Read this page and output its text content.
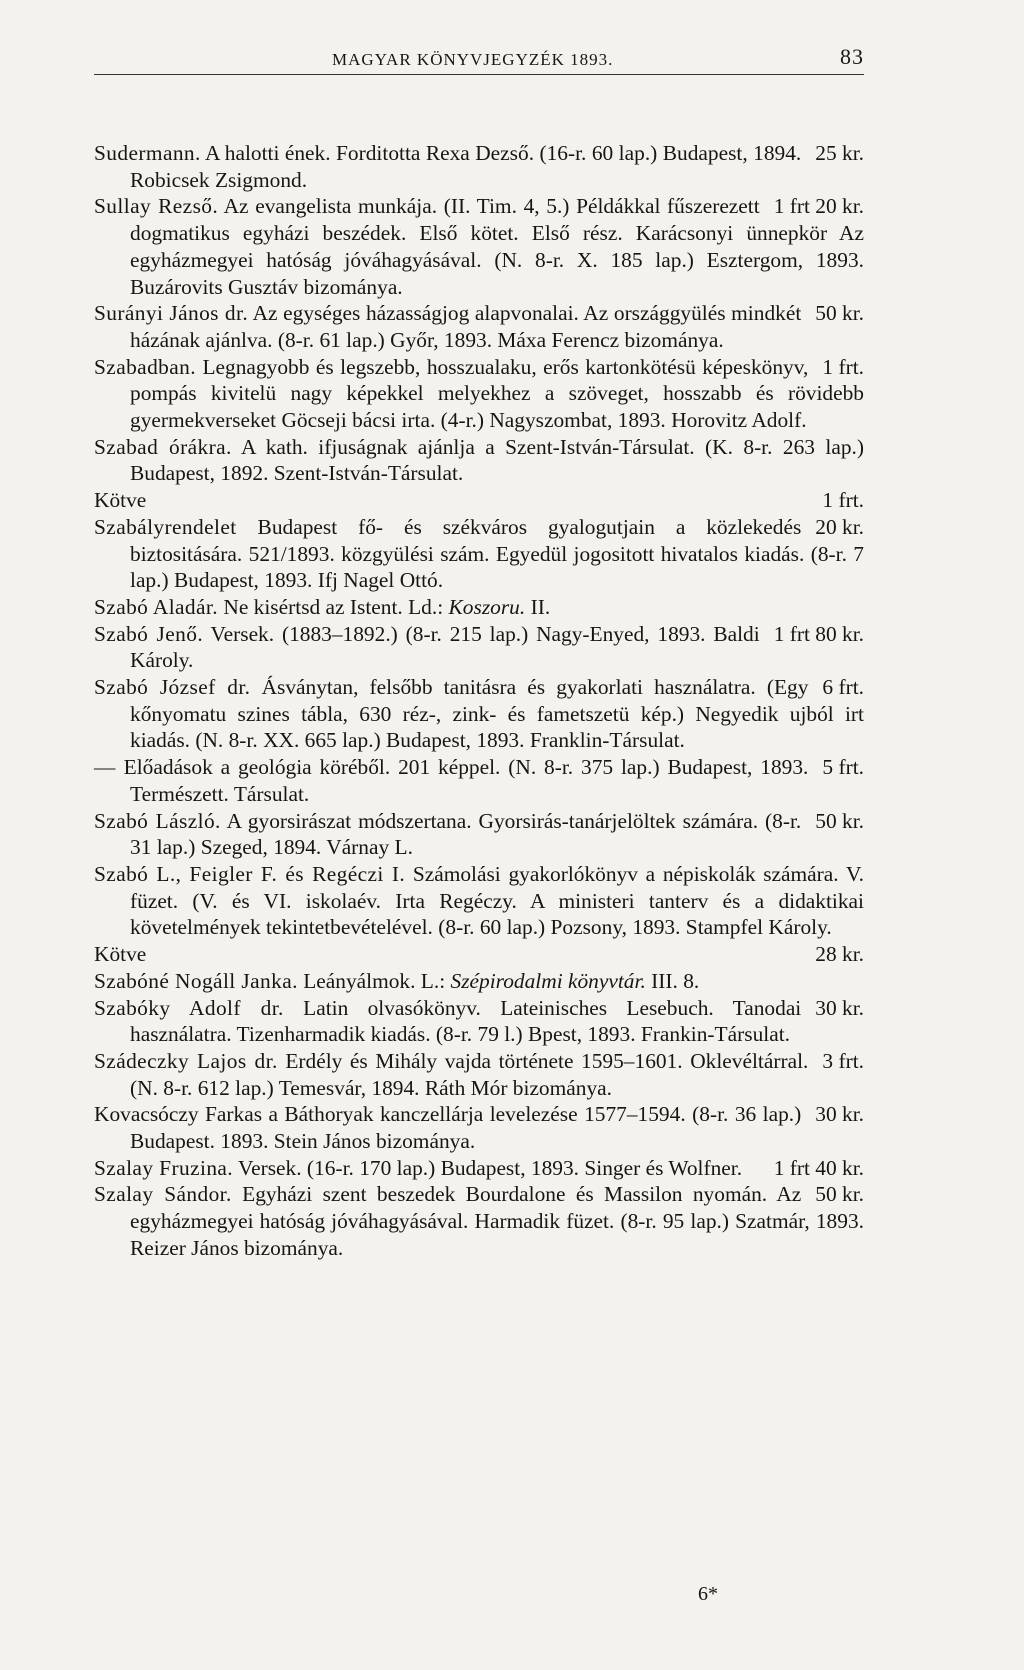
MAGYAR KÖNYVJEGYZÉK 1893.	83

25 kr.
Sudermann. A halotti ének. Forditotta Rexa Dezső. (16-r. 60 lap.) Budapest, 1894. Robicsek Zsigmond.

1 frt 20 kr.
Sullay Rezső. Az evangelista munkája. (II. Tim. 4, 5.) Példákkal fűszerezett dogmatikus egyházi beszédek. Első kötet. Első rész. Karácsonyi ünnepkör Az egyházmegyei hatóság jóváhagyásával. (N. 8-r. X. 185 lap.) Esztergom, 1893. Buzárovits Gusztáv bizománya.

50 kr.
Surányi János dr. Az egységes házasságjog alapvonalai. Az országgyülés mindkét házának ajánlva. (8-r. 61 lap.) Győr, 1893. Máxa Ferencz bizománya.

1 frt.
Szabadban. Legnagyobb és legszebb, hosszualaku, erős kartonkötésü képeskönyv, pompás kivitelü nagy képekkel melyekhez a szöveget, hosszabb és rövidebb gyermekverseket Göcseji bácsi irta. (4-r.) Nagyszombat, 1893. Horovitz Adolf.

Szabad órákra. A kath. ifjuságnak ajánlja a Szent-István-Társulat. (K. 8-r. 263 lap.) Budapest, 1892. Szent-István-Társulat.

1 frt.
Kötve

20 kr.
Szabályrendelet Budapest fő- és székváros gyalogutjain a közlekedés biztositására. 521/1893. közgyülési szám. Egyedül jogositott hivatalos kiadás. (8-r. 7 lap.) Budapest, 1893. Ifj Nagel Ottó.

Szabó Aladár. Ne kisértsd az Istent. Ld.: Koszoru. II.

1 frt 80 kr.
Szabó Jenő. Versek. (1883–1892.) (8-r. 215 lap.) Nagy-Enyed, 1893. Baldi Károly.

6 frt.
Szabó József dr. Ásványtan, felsőbb tanitásra és gyakorlati használatra. (Egy kőnyomatu szines tábla, 630 réz-, zink- és fametszetü kép.) Negyedik ujból irt kiadás. (N. 8-r. XX. 665 lap.) Budapest, 1893. Franklin-Társulat.

5 frt.
— Előadások a geológia köréből. 201 képpel. (N. 8-r. 375 lap.) Budapest, 1893. Természett. Társulat.

50 kr.
Szabó László. A gyorsirászat módszertana. Gyorsirás-tanárjelöltek számára. (8-r. 31 lap.) Szeged, 1894. Várnay L.

Szabó L., Feigler F. és Regéczi I. Számolási gyakorlókönyv a népiskolák számára. V. füzet. (V. és VI. iskolaév. Irta Regéczy. A ministeri tanterv és a didaktikai követelmények tekintetbevételével. (8-r. 60 lap.) Pozsony, 1893. Stampfel Károly.

28 kr.
Kötve

Szabóné Nogáll Janka. Leányálmok. L.: Szépirodalmi könyvtár. III. 8.

30 kr.
Szabóky Adolf dr. Latin olvasókönyv. Lateinisches Lesebuch. Tanodai használatra. Tizenharmadik kiadás. (8-r. 79 l.) Bpest, 1893. Frankin-Társulat.

3 frt.
Szádeczky Lajos dr. Erdély és Mihály vajda története 1595–1601. Oklevéltárral. (N. 8-r. 612 lap.) Temesvár, 1894. Ráth Mór bizománya.

30 kr.
Kovacsóczy Farkas a Báthoryak kanczellárja levelezése 1577–1594. (8-r. 36 lap.) Budapest. 1893. Stein János bizománya.

1 frt 40 kr.
Szalay Fruzina. Versek. (16-r. 170 lap.) Budapest, 1893. Singer és Wolfner.

50 kr.
Szalay Sándor. Egyházi szent beszedek Bourdalone és Massilon nyomán. Az egyházmegyei hatóság jóváhagyásával. Harmadik füzet. (8-r. 95 lap.) Szatmár, 1893. Reizer János bizománya.

6*
